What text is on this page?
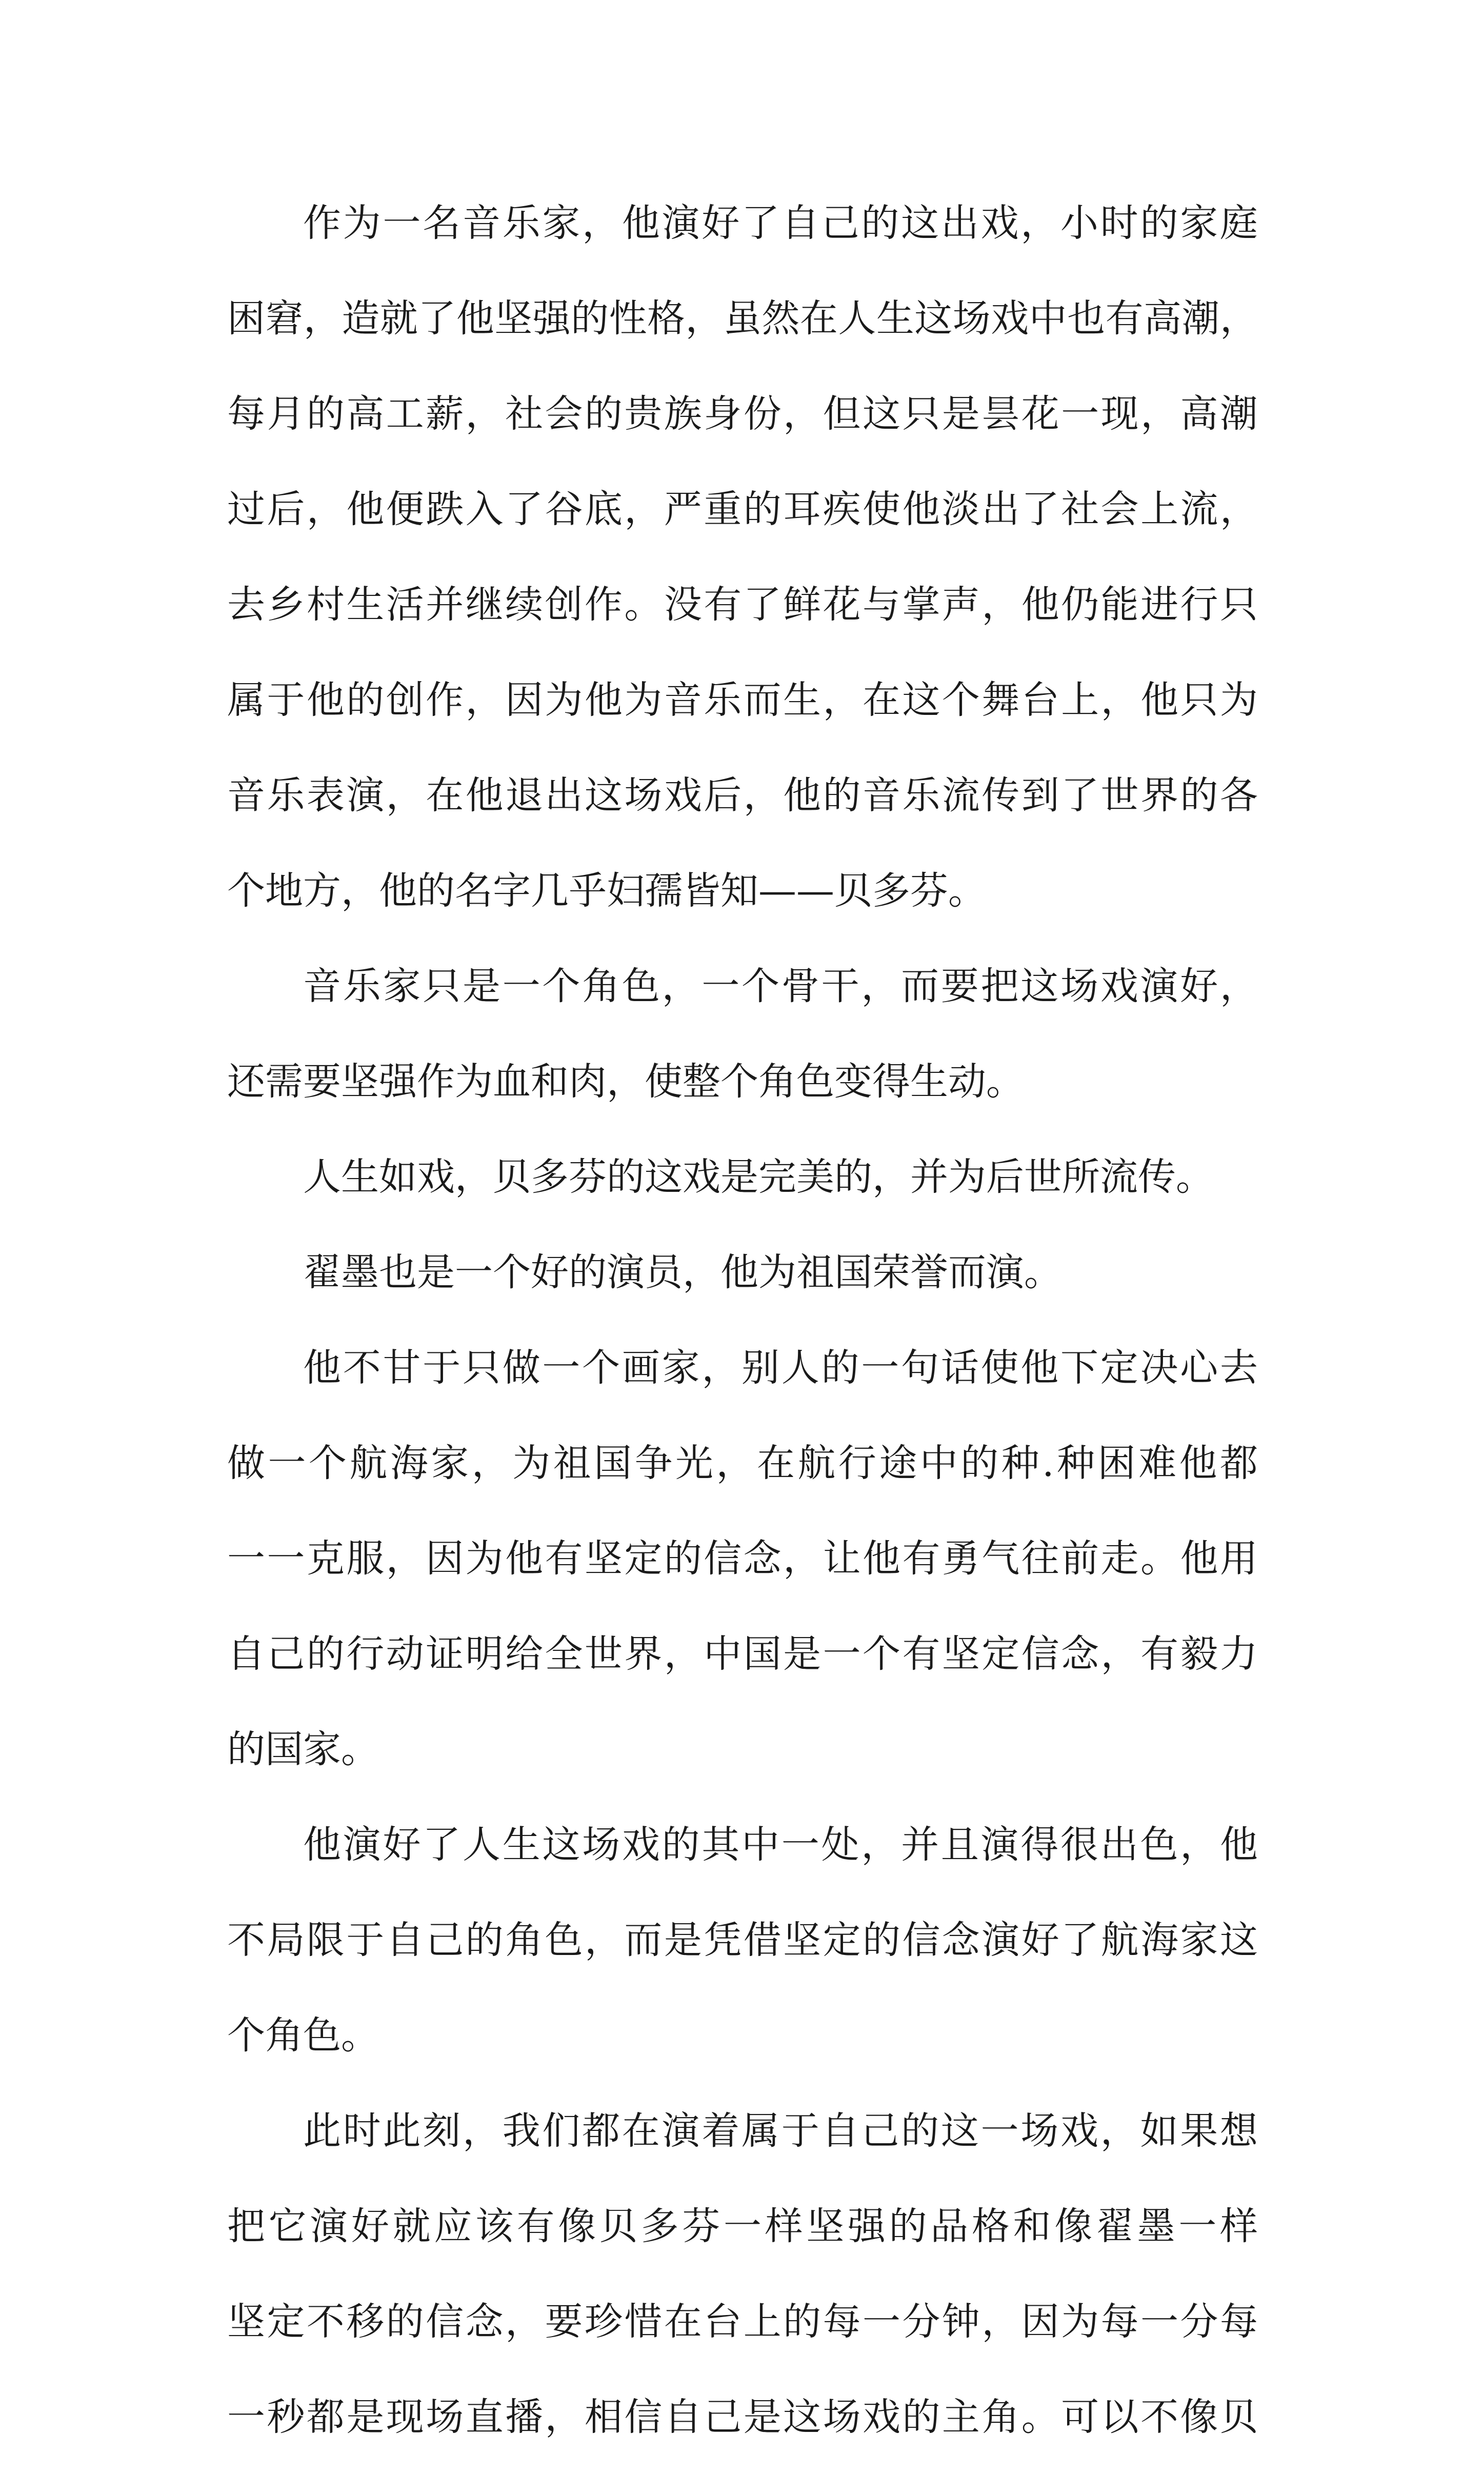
作为一名音乐家，他演好了自己的这出戏，小时的家庭
困窘，造就了他坚强的性格，虽然在人生这场戏中也有高潮，
每月的高工薪，社会的贵族身份，但这只是昙花一现，高潮
过后，他便跌入了谷底，严重的耳疾使他淡出了社会上流，
去乡村生活并继续创作。没有了鲜花与掌声，他仍能进行只
属于他的创作，因为他为音乐而生，在这个舞台上，他只为
音乐表演，在他退出这场戏后，他的音乐流传到了世界的各
个地方，他的名字几乎妇孺皆知——贝多芬。
音乐家只是一个角色，一个骨干，而要把这场戏演好，
还需要坚强作为血和肉，使整个角色变得生动。
人生如戏，贝多芬的这戏是完美的，并为后世所流传。
翟墨也是一个好的演员，他为祖国荣誉而演。
他不甘于只做一个画家，别人的一句话使他下定决心去
做一个航海家，为祖国争光，在航行途中的种.种困难他都
一一克服，因为他有坚定的信念，让他有勇气往前走。他用
自己的行动证明给全世界，中国是一个有坚定信念，有毅力
的国家。
他演好了人生这场戏的其中一处，并且演得很出色，他
不局限于自己的角色，而是凭借坚定的信念演好了航海家这
个角色。
此时此刻，我们都在演着属于自己的这一场戏，如果想
把它演好就应该有像贝多芬一样坚强的品格和像翟墨一样
坚定不移的信念，要珍惜在台上的每一分钟，因为每一分每
一秒都是现场直播，相信自己是这场戏的主角。可以不像贝
